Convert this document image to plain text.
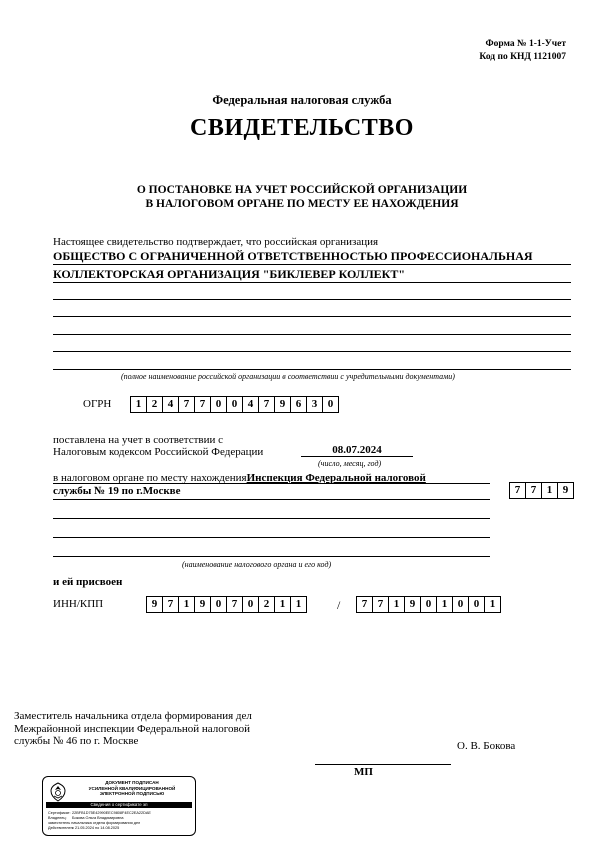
Форма № 1-1-Учет
Код по КНД 1121007
Федеральная налоговая служба
СВИДЕТЕЛЬСТВО
О ПОСТАНОВКЕ НА УЧЕТ РОССИЙСКОЙ ОРГАНИЗАЦИИ
В НАЛОГОВОМ ОРГАНЕ ПО МЕСТУ ЕЕ НАХОЖДЕНИЯ
Настоящее свидетельство подтверждает, что российская организация
ОБЩЕСТВО С ОГРАНИЧЕННОЙ ОТВЕТСТВЕННОСТЬЮ ПРОФЕССИОНАЛЬНАЯ
КОЛЛЕКТОРСКАЯ ОРГАНИЗАЦИЯ "БИКЛЕВЕР КОЛЛЕКТ"
(полное наименование российской организации в соответствии с учредительными документами)
ОГРН	1 2 4 7 7 0 0 4 7 9 6 3 0
поставлена на учет в соответствии с
Налоговым кодексом Российской Федерации	08.07.2024
(число, месяц, год)
в налоговом органе по месту нахожденияИнспекция Федеральной налоговой
службы № 19 по г.Москве	7 7 1 9
(наименование налогового органа и его код)
и ей присвоен
ИНН/КПП	9 7 1 9 0 7 0 2 1 1	/	7 7 1 9 0 1 0 0 1
Заместитель начальника отдела формирования дел
Межрайонной инспекции Федеральной налоговой
службы № 46 по г. Москве	О. В. Бокова
МП
ДОКУМЕНТ ПОДПИСАН
УСИЛЕННОЙ КВАЛИФИЦИРОВАННОЙ
ЭЛЕКТРОННОЙ ПОДПИСЬЮ
Сведения о сертификате эп
Сертификат:22BFB1D75E42990EEC9808F4EC2EA22DAE
Владелец: Бокова Ольга Владимировна
заместитель начальника отдела формирования дел
Действителен:с 21.05.2024 по 14.08.2025
